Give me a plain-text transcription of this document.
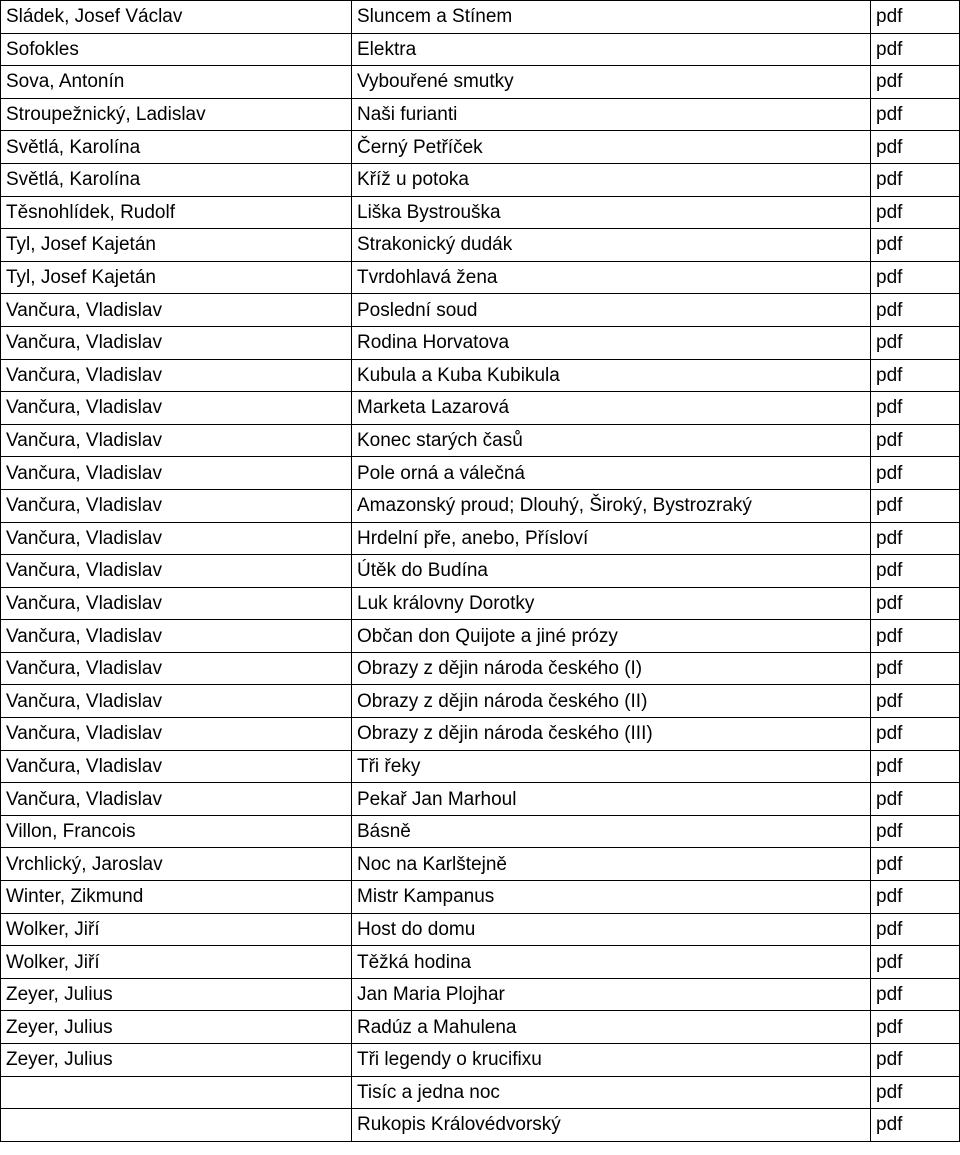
Sládek, Josef Václav	Sluncem a Stínem	pdf
Sofokles	Elektra	pdf
Sova, Antonín	Vybouřené smutky	pdf
Stroupežnický, Ladislav	Naši furianti	pdf
Světlá, Karolína	Černý Petříček	pdf
Světlá, Karolína	Kříž u potoka	pdf
Těsnohlídek, Rudolf	Liška Bystrouška	pdf
Tyl, Josef Kajetán	Strakonický dudák	pdf
Tyl, Josef Kajetán	Tvrdohlavá žena	pdf
Vančura, Vladislav	Poslední soud	pdf
Vančura, Vladislav	Rodina Horvatova	pdf
Vančura, Vladislav	Kubula a Kuba Kubikula	pdf
Vančura, Vladislav	Marketa Lazarová	pdf
Vančura, Vladislav	Konec starých časů	pdf
Vančura, Vladislav	Pole orná a válečná	pdf
Vančura, Vladislav	Amazonský proud; Dlouhý, Široký, Bystrozraký	pdf
Vančura, Vladislav	Hrdelní pře, anebo, Přísloví	pdf
Vančura, Vladislav	Útěk do Budína	pdf
Vančura, Vladislav	Luk královny Dorotky	pdf
Vančura, Vladislav	Občan don Quijote a jiné prózy	pdf
Vančura, Vladislav	Obrazy z dějin národa českého (I)	pdf
Vančura, Vladislav	Obrazy z dějin národa českého (II)	pdf
Vančura, Vladislav	Obrazy z dějin národa českého (III)	pdf
Vančura, Vladislav	Tři řeky	pdf
Vančura, Vladislav	Pekař Jan Marhoul	pdf
Villon, Francois	Básně	pdf
Vrchlický, Jaroslav	Noc na Karlštejně	pdf
Winter, Zikmund	Mistr Kampanus	pdf
Wolker, Jiří	Host do domu	pdf
Wolker, Jiří	Těžká hodina	pdf
Zeyer, Julius	Jan Maria Plojhar	pdf
Zeyer, Julius	Radúz a Mahulena	pdf
Zeyer, Julius	Tři legendy o krucifixu	pdf
	Tisíc a jedna noc	pdf
	Rukopis Královédvorský	pdf
